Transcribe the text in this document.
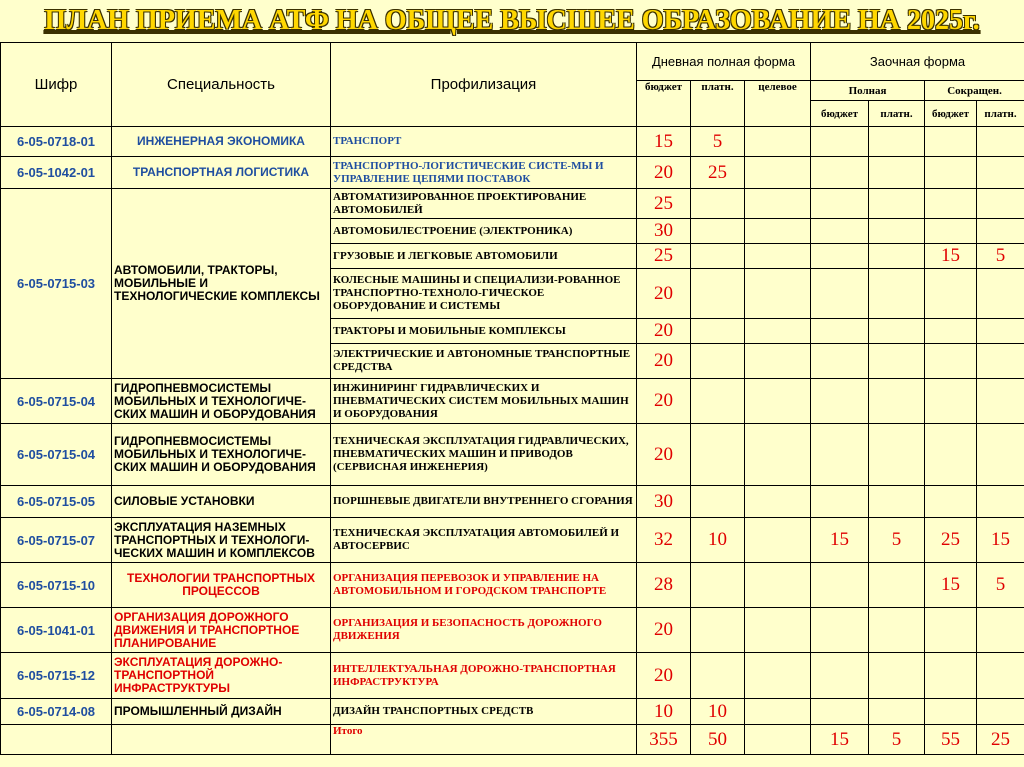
ПЛАН ПРИЕМА АТФ НА ОБЩЕЕ ВЫСШЕЕ ОБРАЗОВАНИЕ НА 2025г.
Шифр	Специальность	Профилизация	Дневная полная форма			Заочная форма			
			бюджет	платн.	целевое	Полная		Сокращен.	
						бюджет	платн.	бюджет	платн.
6-05-0718-01	ИНЖЕНЕРНАЯ ЭКОНОМИКА	ТРАНСПОРТ	15	5					
6-05-1042-01	ТРАНСПОРТНАЯ ЛОГИСТИКА	ТРАНСПОРТНО-ЛОГИСТИЧЕСКИЕ СИСТЕ-МЫ И УПРАВЛЕНИЕ ЦЕПЯМИ ПОСТАВОК	20	25					
6-05-0715-03	АВТОМОБИЛИ, ТРАКТОРЫ, МОБИЛЬНЫЕ И ТЕХНОЛОГИЧЕСКИЕ КОМПЛЕКСЫ	АВТОМАТИЗИРОВАННОЕ ПРОЕКТИРОВАНИЕ АВТОМОБИЛЕЙ	25						
		АВТОМОБИЛЕСТРОЕНИЕ (ЭЛЕКТРОНИКА)	30						
		ГРУЗОВЫЕ И ЛЕГКОВЫЕ АВТОМОБИЛИ	25					15	5
		КОЛЕСНЫЕ МАШИНЫ И СПЕЦИАЛИЗИ-РОВАННОЕ ТРАНСПОРТНО-ТЕХНОЛО-ГИЧЕСКОЕ ОБОРУДОВАНИЕ И СИСТЕМЫ	20						
		ТРАКТОРЫ И МОБИЛЬНЫЕ КОМПЛЕКСЫ	20						
		ЭЛЕКТРИЧЕСКИЕ И АВТОНОМНЫЕ ТРАНСПОРТНЫЕ СРЕДСТВА	20						
6-05-0715-04	ГИДРОПНЕВМОСИСТЕМЫ МОБИЛЬНЫХ И ТЕХНОЛОГИЧЕ-СКИХ МАШИН И ОБОРУДОВАНИЯ	ИНЖИНИРИНГ ГИДРАВЛИЧЕСКИХ И ПНЕВМАТИЧЕСКИХ СИСТЕМ МОБИЛЬНЫХ МАШИН И ОБОРУДОВАНИЯ	20						
6-05-0715-04	ГИДРОПНЕВМОСИСТЕМЫ МОБИЛЬНЫХ И ТЕХНОЛОГИЧЕ-СКИХ МАШИН И ОБОРУДОВАНИЯ	ТЕХНИЧЕСКАЯ ЭКСПЛУАТАЦИЯ ГИДРАВЛИЧЕСКИХ, ПНЕВМАТИЧЕСКИХ МАШИН И ПРИВОДОВ (СЕРВИСНАЯ ИНЖЕНЕРИЯ)	20						
6-05-0715-05	СИЛОВЫЕ УСТАНОВКИ	ПОРШНЕВЫЕ ДВИГАТЕЛИ ВНУТРЕННЕГО СГОРАНИЯ	30						
6-05-0715-07	ЭКСПЛУАТАЦИЯ НАЗЕМНЫХ ТРАНСПОРТНЫХ И ТЕХНОЛОГИ-ЧЕСКИХ МАШИН И КОМПЛЕКСОВ	ТЕХНИЧЕСКАЯ ЭКСПЛУАТАЦИЯ АВТОМОБИЛЕЙ И АВТОСЕРВИС	32	10		15	5	25	15
6-05-0715-10	ТЕХНОЛОГИИ ТРАНСПОРТНЫХ ПРОЦЕССОВ	ОРГАНИЗАЦИЯ ПЕРЕВОЗОК И УПРАВЛЕНИЕ НА АВТОМОБИЛЬНОМ И ГОРОДСКОМ ТРАНСПОРТЕ	28					15	5
6-05-1041-01	ОРГАНИЗАЦИЯ ДОРОЖНОГО ДВИЖЕНИЯ И ТРАНСПОРТНОЕ ПЛАНИРОВАНИЕ	ОРГАНИЗАЦИЯ И БЕЗОПАСНОСТЬ ДОРОЖНОГО ДВИЖЕНИЯ	20						
6-05-0715-12	ЭКСПЛУАТАЦИЯ ДОРОЖНО-ТРАНСПОРТНОЙ ИНФРАСТРУКТУРЫ	ИНТЕЛЛЕКТУАЛЬНАЯ ДОРОЖНО-ТРАНСПОРТНАЯ ИНФРАСТРУКТУРА	20						
6-05-0714-08	ПРОМЫШЛЕННЫЙ ДИЗАЙН	ДИЗАЙН ТРАНСПОРТНЫХ СРЕДСТВ	10	10					
		Итого	355	50		15	5	55	25
